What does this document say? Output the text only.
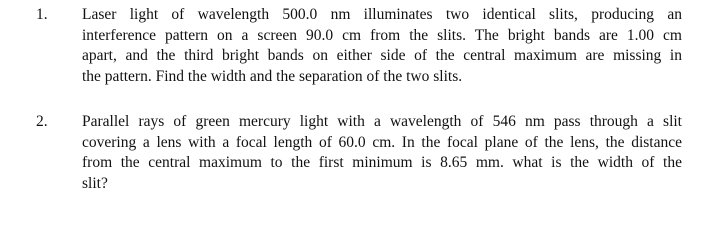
1. Laser light of wavelength 500.0 nm illuminates two identical slits, producing an
interference pattern on a screen 90.0 cm from the slits. The bright bands are 1.00 cm
apart, and the third bright bands on either side of the central maximum are missing in
the pattern. Find the width and the separation of the two slits.
2. Parallel rays of green mercury light with a wavelength of 546 nm pass through a slit
covering a lens with a focal length of 60.0 cm. In the focal plane of the lens, the distance
from the central maximum to the first minimum is 8.65 mm. what is the width of the
slit?
